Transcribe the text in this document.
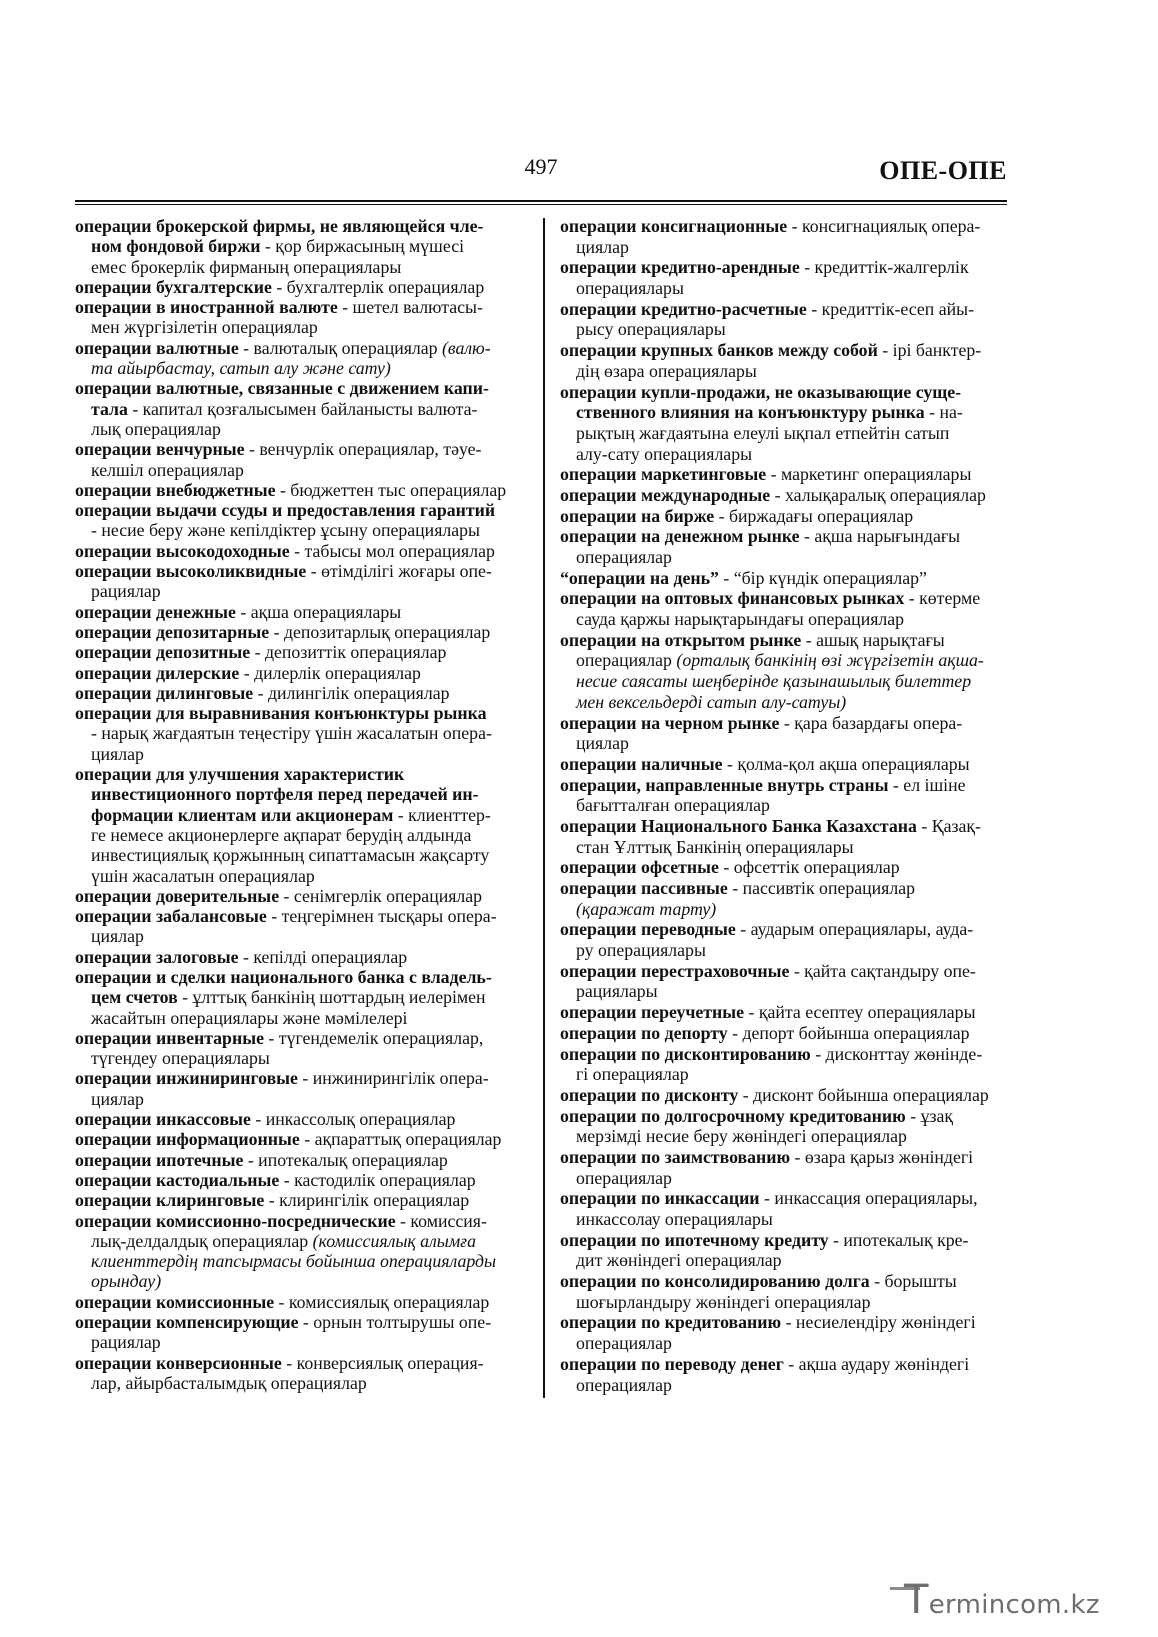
497	ОПЕ-ОПЕ
операции брокерской фирмы, не являющейся чле-
ном фондовой биржи - қор биржасының мүшесі
емес брокерлік фирманың операциялары
операции бухгалтерские - бухгалтерлік операциялар
операции в иностранной валюте - шетел валютасы-
мен жүргізілетін операциялар
операции валютные - валюталық операциялар (валю-
та айырбастау, сатып алу және сату)
операции валютные, связанные с движением капи-
тала - капитал қозғалысымен байланысты валюта-
лық операциялар
операции венчурные - венчурлік операциялар, тәуе-
келшіл операциялар
операции внебюджетные - бюджеттен тыс операциялар
операции выдачи ссуды и предоставления гарантий
- несие беру және кепілдіктер ұсыну операциялары
операции высокодоходные - табысы мол операциялар
операции высоколиквидные - өтімділігі жоғары опе-
рациялар
операции денежные - ақша операциялары
операции депозитарные - депозитарлық операциялар
операции депозитные - депозиттік операциялар
операции дилерские - дилерлік операциялар
операции дилинговые - дилингілік операциялар
операции для выравнивания конъюнктуры рынка
- нарық жағдаятын теңестіру үшін жасалатын опера-
циялар
операции для улучшения характеристик
инвестиционного портфеля перед передачей ин-
формации клиентам или акционерам - клиенттер-
ге немесе акционерлерге ақпарат берудің алдында
инвестициялық қоржынның сипаттамасын жақсарту
үшін жасалатын операциялар
операции доверительные - сенімгерлік операциялар
операции забалансовые - теңгерімнен тысқары опера-
циялар
операции залоговые - кепілді операциялар
операции и сделки национального банка с владель-
цем счетов - ұлттық банкінің шоттардың иелерімен
жасайтын операциялары және мәмілелері
операции инвентарные - түгендемелік операциялар,
түгендеу операциялары
операции инжиниринговые - инжинирингілік опера-
циялар
операции инкассовые - инкассолық операциялар
операции информационные - ақпараттық операциялар
операции ипотечные - ипотекалық операциялар
операции кастодиальные - кастодилік операциялар
операции клиринговые - клирингілік операциялар
операции комиссионно-посреднические - комиссия-
лық-делдалдық операциялар (комиссиялық алымға
клиенттердің тапсырмасы бойынша операцияларды
орындау)
операции комиссионные - комиссиялық операциялар
операции компенсирующие - орнын толтырушы опе-
рациялар
операции конверсионные - конверсиялық операция-
лар, айырбасталымдық операциялар
операции консигнационные - консигнациялық опера-
циялар
операции кредитно-арендные - кредиттік-жалгерлік
операциялары
операции кредитно-расчетные - кредиттік-есеп айы-
рысу операциялары
операции крупных банков между собой - ірі банктер-
дің өзара операциялары
операции купли-продажи, не оказывающие суще-
ственного влияния на конъюнктуру рынка - на-
рықтың жағдаятына елеулі ықпал етпейтін сатып
алу-сату операциялары
операции маркетинговые - маркетинг операциялары
операции международные - халықаралық операциялар
операции на бирже - биржадағы операциялар
операции на денежном рынке - ақша нарығындағы
операциялар
“операции на день” - “бір күндік операциялар”
операции на оптовых финансовых рынках - көтерме
сауда қаржы нарықтарындағы операциялар
операции на открытом рынке - ашық нарықтағы
операциялар (орталық банкінің өзі жүргізетін ақша-
несие саясаты шеңберінде қазынашылық билеттер
мен вексельдерді сатып алу-сатуы)
операции на черном рынке - қара базардағы опера-
циялар
операции наличные - қолма-қол ақша операциялары
операции, направленные внутрь страны - ел ішіне
бағытталған операциялар
операции Национального Банка Казахстана - Қазақ-
стан Ұлттық Банкінің операциялары
операции офсетные - офсеттік операциялар
операции пассивные - пассивтік операциялар
(қаражат тарту)
операции переводные - аударым операциялары, ауда-
ру операциялары
операции перестраховочные - қайта сақтандыру опе-
рациялары
операции переучетные - қайта есептеу операциялары
операции по депорту - депорт бойынша операциялар
операции по дисконтированию - дисконттау жөнінде-
гі операциялар
операции по дисконту - дисконт бойынша операциялар
операции по долгосрочному кредитованию - ұзақ
мерзімді несие беру жөніндегі операциялар
операции по заимствованию - өзара қарыз жөніндегі
операциялар
операции по инкассации - инкассация операциялары,
инкассолау операциялары
операции по ипотечному кредиту - ипотекалық кре-
дит жөніндегі операциялар
операции по консолидированию долга - борышты
шоғырландыру жөніндегі операциялар
операции по кредитованию - несиелендіру жөніндегі
операциялар
операции по переводу денег - ақша аудару жөніндегі
операциялар
Termincom.kz
